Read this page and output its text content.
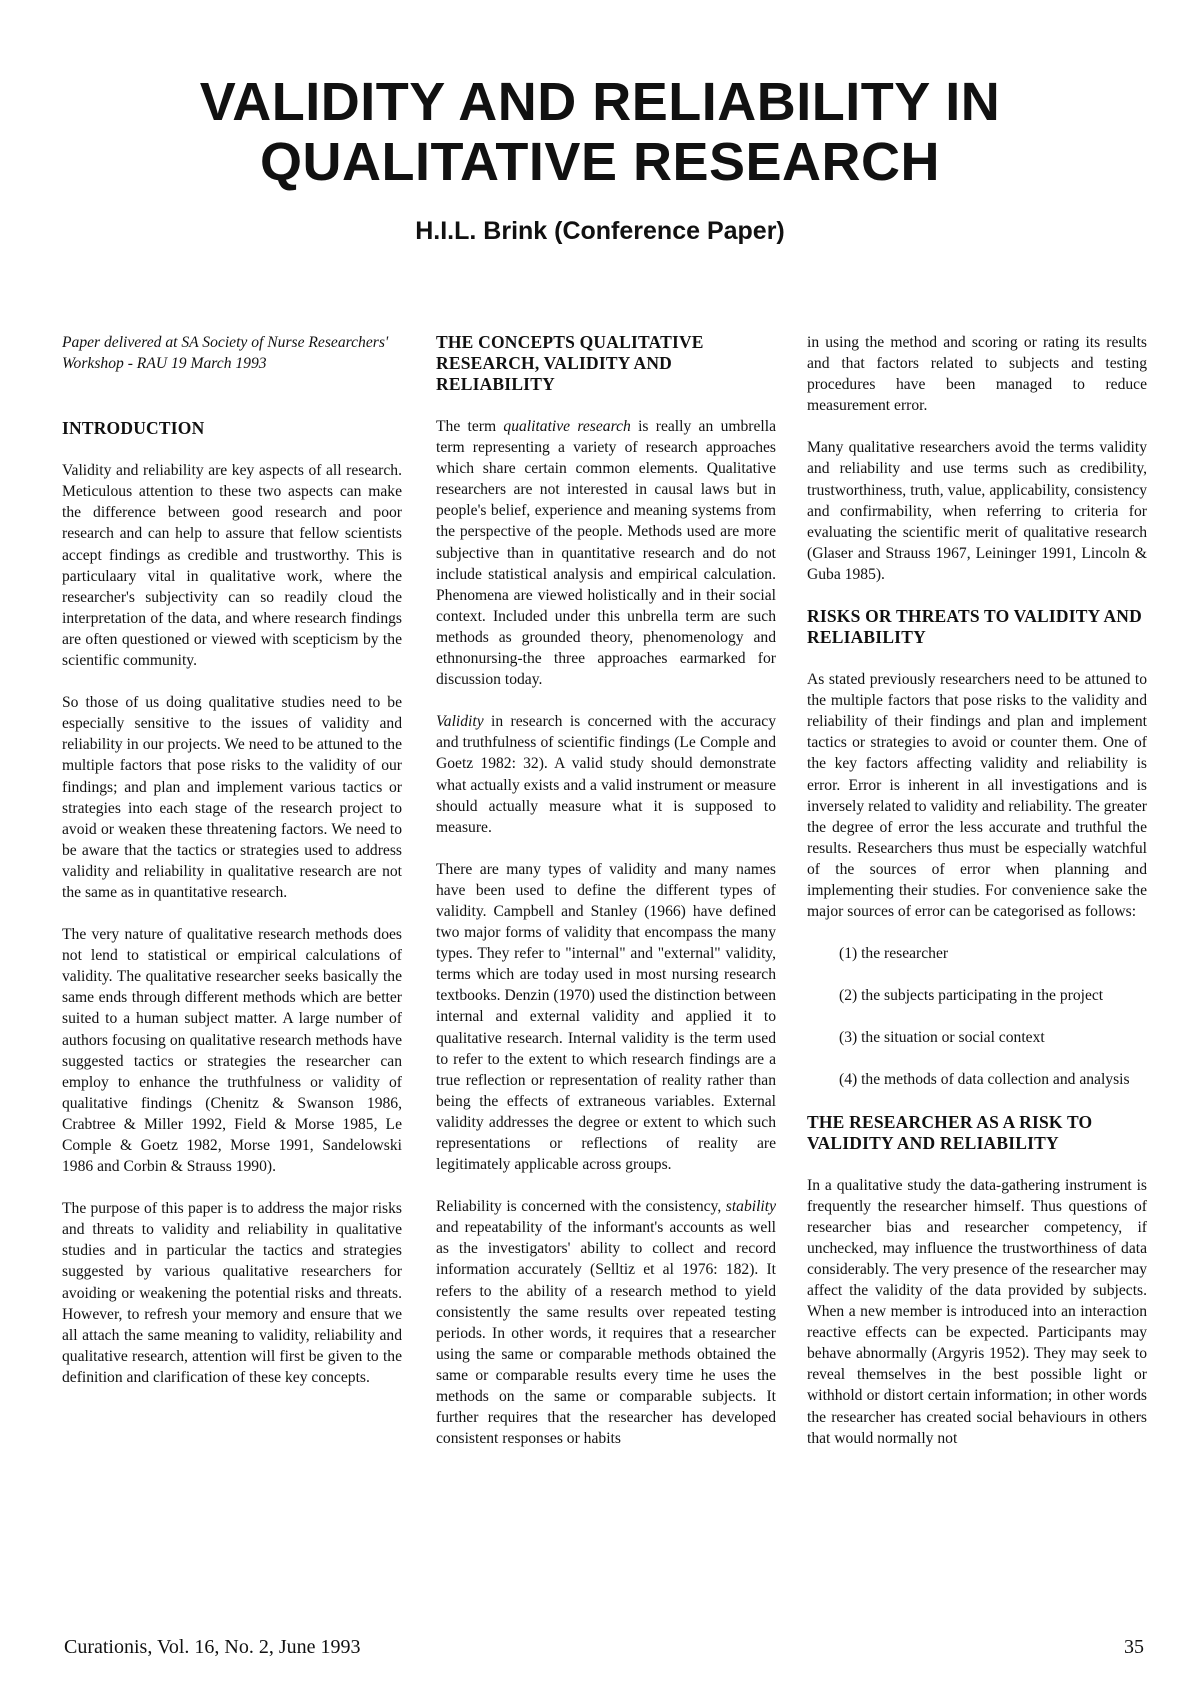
VALIDITY AND RELIABILITY IN QUALITATIVE RESEARCH
H.I.L. Brink (Conference Paper)

Paper delivered at SA Society of Nurse Researchers' Workshop - RAU 19 March 1993

INTRODUCTION

Validity and reliability are key aspects of all research. Meticulous attention to these two aspects can make the difference between good research and poor research and can help to assure that fellow scientists accept findings as credible and trustworthy. This is particulaary vital in qualitative work, where the researcher's subjectivity can so readily cloud the interpretation of the data, and where research findings are often questioned or viewed with scepticism by the scientific community.

So those of us doing qualitative studies need to be especially sensitive to the issues of validity and reliability in our projects. We need to be attuned to the multiple factors that pose risks to the validity of our findings; and plan and implement various tactics or strategies into each stage of the research project to avoid or weaken these threatening factors. We need to be aware that the tactics or strategies used to address validity and reliability in qualitative research are not the same as in quantitative research.

The very nature of qualitative research methods does not lend to statistical or empirical calculations of validity. The qualitative researcher seeks basically the same ends through different methods which are better suited to a human subject matter. A large number of authors focusing on qualitative research methods have suggested tactics or strategies the researcher can employ to enhance the truthfulness or validity of qualitative findings (Chenitz & Swanson 1986, Crabtree & Miller 1992, Field & Morse 1985, Le Comple & Goetz 1982, Morse 1991, Sandelowski 1986 and Corbin & Strauss 1990).

The purpose of this paper is to address the major risks and threats to validity and reliability in qualitative studies and in particular the tactics and strategies suggested by various qualitative researchers for avoiding or weakening the potential risks and threats. However, to refresh your memory and ensure that we all attach the same meaning to validity, reliability and qualitative research, attention will first be given to the definition and clarification of these key concepts.

THE CONCEPTS QUALITATIVE RESEARCH, VALIDITY AND RELIABILITY

The term qualitative research is really an umbrella term representing a variety of research approaches which share certain common elements. Qualitative researchers are not interested in causal laws but in people's belief, experience and meaning systems from the perspective of the people. Methods used are more subjective than in quantitative research and do not include statistical analysis and empirical calculation. Phenomena are viewed holistically and in their social context. Included under this unbrella term are such methods as grounded theory, phenomenology and ethnonursing-the three approaches earmarked for discussion today.

Validity in research is concerned with the accuracy and truthfulness of scientific findings (Le Comple and Goetz 1982: 32). A valid study should demonstrate what actually exists and a valid instrument or measure should actually measure what it is supposed to measure.

There are many types of validity and many names have been used to define the different types of validity. Campbell and Stanley (1966) have defined two major forms of validity that encompass the many types. They refer to "internal" and "external" validity, terms which are today used in most nursing research textbooks. Denzin (1970) used the distinction between internal and external validity and applied it to qualitative research. Internal validity is the term used to refer to the extent to which research findings are a true reflection or representation of reality rather than being the effects of extraneous variables. External validity addresses the degree or extent to which such representations or reflections of reality are legitimately applicable across groups.

Reliability is concerned with the consistency, stability and repeatability of the informant's accounts as well as the investigators' ability to collect and record information accurately (Selltiz et al 1976: 182). It refers to the ability of a research method to yield consistently the same results over repeated testing periods. In other words, it requires that a researcher using the same or comparable methods obtained the same or comparable results every time he uses the methods on the same or comparable subjects. It further requires that the researcher has developed consistent responses or habits

in using the method and scoring or rating its results and that factors related to subjects and testing procedures have been managed to reduce measurement error.

Many qualitative researchers avoid the terms validity and reliability and use terms such as credibility, trustworthiness, truth, value, applicability, consistency and confirmability, when referring to criteria for evaluating the scientific merit of qualitative research (Glaser and Strauss 1967, Leininger 1991, Lincoln & Guba 1985).

RISKS OR THREATS TO VALIDITY AND RELIABILITY

As stated previously researchers need to be attuned to the multiple factors that pose risks to the validity and reliability of their findings and plan and implement tactics or strategies to avoid or counter them. One of the key factors affecting validity and reliability is error. Error is inherent in all investigations and is inversely related to validity and reliability. The greater the degree of error the less accurate and truthful the results. Researchers thus must be especially watchful of the sources of error when planning and implementing their studies. For convenience sake the major sources of error can be categorised as follows:

(1) the researcher
(2) the subjects participating in the project
(3) the situation or social context
(4) the methods of data collection and analysis
THE RESEARCHER AS A RISK TO VALIDITY AND RELIABILITY

In a qualitative study the data-gathering instrument is frequently the researcher himself. Thus questions of researcher bias and researcher competency, if unchecked, may influence the trustworthiness of data considerably. The very presence of the researcher may affect the validity of the data provided by subjects. When a new member is introduced into an interaction reactive effects can be expected. Participants may behave abnormally (Argyris 1952). They may seek to reveal themselves in the best possible light or withhold or distort certain information; in other words the researcher has created social behaviours in others that would normally not

Curationis, Vol. 16, No. 2, June 1993	35
